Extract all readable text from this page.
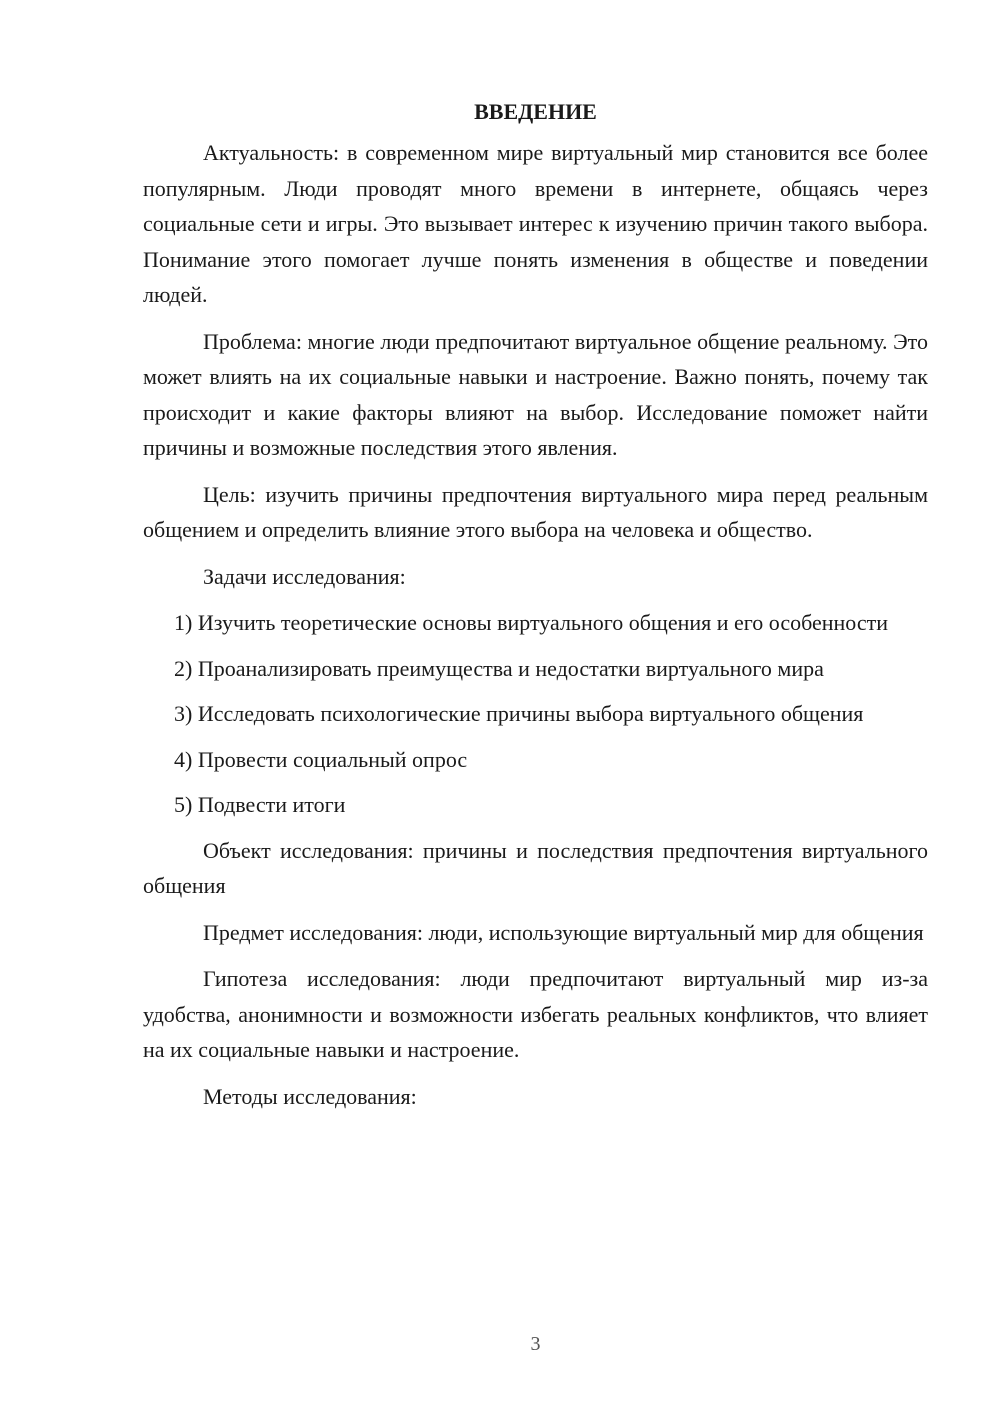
ВВЕДЕНИЕ

Актуальность: в современном мире виртуальный мир становится все более популярным. Люди проводят много времени в интернете, общаясь через социальные сети и игры. Это вызывает интерес к изучению причин такого выбора. Понимание этого помогает лучше понять изменения в обществе и поведении людей.

Проблема: многие люди предпочитают виртуальное общение реальному. Это может влиять на их социальные навыки и настроение. Важно понять, почему так происходит и какие факторы влияют на выбор. Исследование поможет найти причины и возможные последствия этого явления.

Цель: изучить причины предпочтения виртуального мира перед реальным общением и определить влияние этого выбора на человека и общество.

Задачи исследования:

1) Изучить теоретические основы виртуального общения и его особенности

2) Проанализировать преимущества и недостатки виртуального мира

3) Исследовать психологические причины выбора виртуального общения

4) Провести социальный опрос

5) Подвести итоги

Объект исследования: причины и последствия предпочтения виртуального общения

Предмет исследования: люди, использующие виртуальный мир для общения

Гипотеза исследования: люди предпочитают виртуальный мир из-за удобства, анонимности и возможности избегать реальных конфликтов, что влияет на их социальные навыки и настроение.

Методы исследования:

3
